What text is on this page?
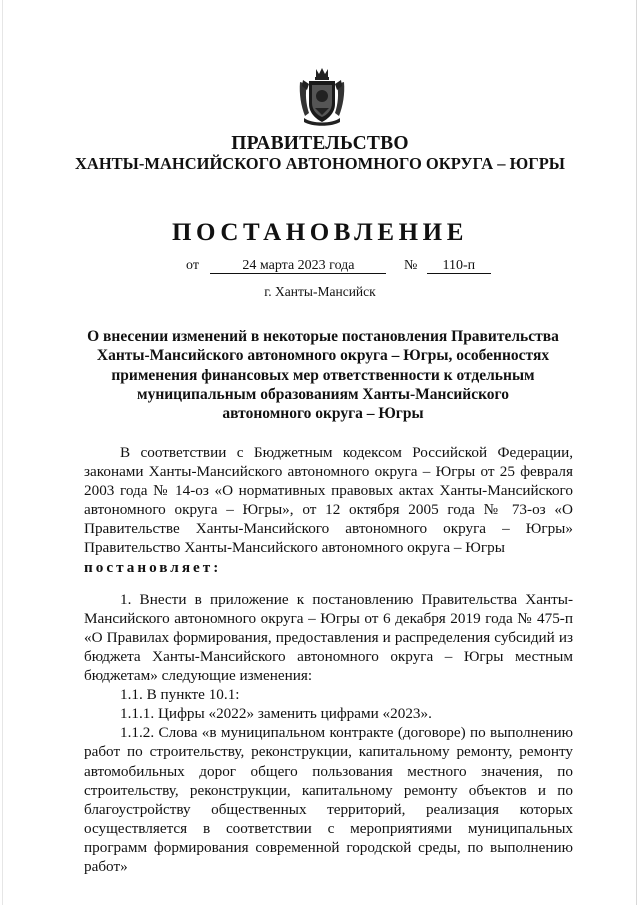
ПРАВИТЕЛЬСТВО
ХАНТЫ-МАНСИЙСКОГО АВТОНОМНОГО ОКРУГА – ЮГРЫ
ПОСТАНОВЛЕНИЕ
от	24 марта 2023 года	№ 110-п
г. Ханты-Мансийск
О внесении изменений в некоторые постановления Правительства
Ханты-Мансийского автономного округа – Югры, особенностях
применения финансовых мер ответственности к отдельным
муниципальным образованиям Ханты-Мансийского
автономного округа – Югры

В соответствии с Бюджетным кодексом Российской Федерации, законами Ханты-Мансийского автономного округа – Югры от 25 февраля 2003 года № 14-оз «О нормативных правовых актах Ханты-Мансийского автономного округа – Югры», от 12 октября 2005 года № 73-оз «О Правительстве Ханты-Мансийского автономного округа – Югры» Правительство Ханты-Мансийского автономного округа – Югры

постановляет:

1. Внести в приложение к постановлению Правительства Ханты-Мансийского автономного округа – Югры от 6 декабря 2019 года № 475-п «О Правилах формирования, предоставления и распределения субсидий из бюджета Ханты-Мансийского автономного округа – Югры местным бюджетам» следующие изменения:

1.1. В пункте 10.1:

1.1.1. Цифры «2022» заменить цифрами «2023».

1.1.2. Слова «в муниципальном контракте (договоре) по выполнению работ по строительству, реконструкции, капитальному ремонту, ремонту автомобильных дорог общего пользования местного значения, по строительству, реконструкции, капитальному ремонту объектов и по благоустройству общественных территорий, реализация которых осуществляется в соответствии с мероприятиями муниципальных программ формирования современной городской среды, по выполнению работ»
